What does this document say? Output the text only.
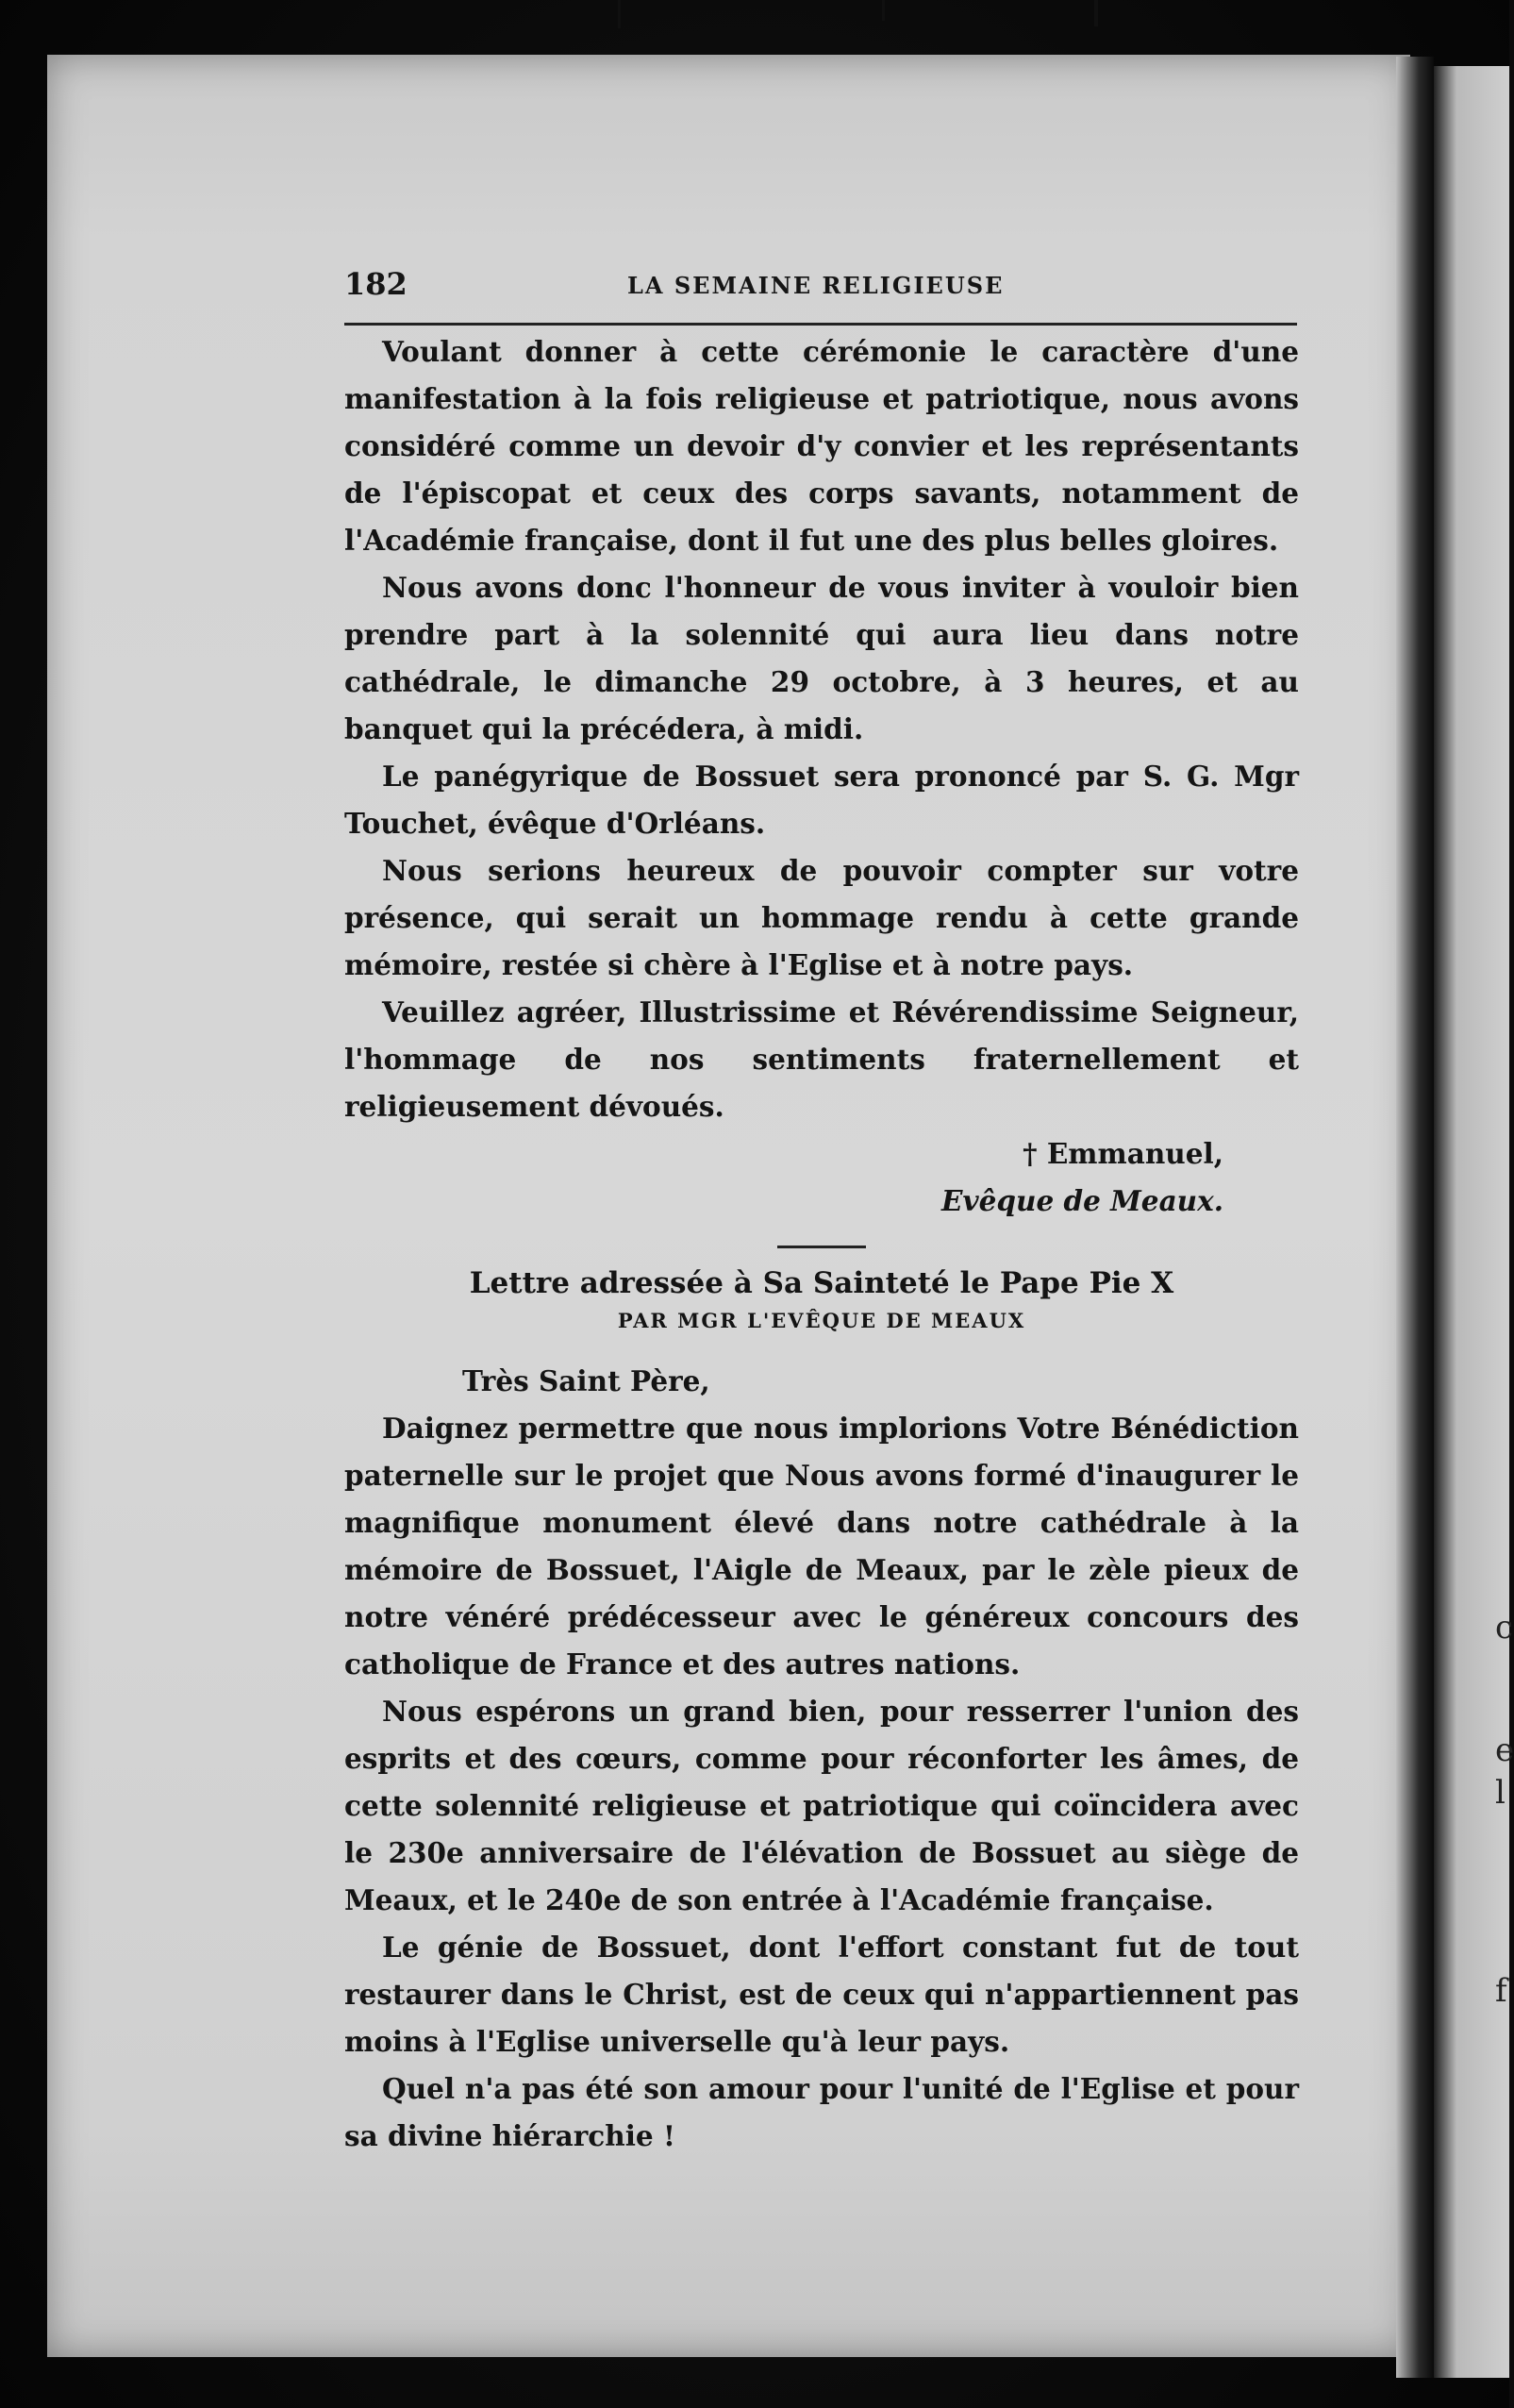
c
e
l
f
182	LA SEMAINE RELIGIEUSE

Voulant donner à cette cérémonie le caractère d'une manifestation à la fois religieuse et patriotique, nous avons considéré comme un devoir d'y convier et les représentants de l'épiscopat et ceux des corps savants, notamment de l'Académie française, dont il fut une des plus belles gloires.

Nous avons donc l'honneur de vous inviter à vouloir bien prendre part à la solennité qui aura lieu dans notre cathédrale, le dimanche 29 octobre, à 3 heures, et au banquet qui la précédera, à midi.

Le panégyrique de Bossuet sera prononcé par S. G. Mgr Touchet, évêque d'Orléans.

Nous serions heureux de pouvoir compter sur votre présence, qui serait un hommage rendu à cette grande mémoire, restée si chère à l'Eglise et à notre pays.

Veuillez agréer, Illustrissime et Révérendissime Seigneur, l'hommage de nos sentiments fraternellement et religieusement dévoués.

† Emmanuel,

Evêque de Meaux.

Lettre adressée à Sa Sainteté le Pape Pie X

PAR MGR L'EVÊQUE DE MEAUX

Très Saint Père,

Daignez permettre que nous implorions Votre Bénédiction paternelle sur le projet que Nous avons formé d'inaugurer le magnifique monument élevé dans notre cathédrale à la mémoire de Bossuet, l'Aigle de Meaux, par le zèle pieux de notre vénéré prédécesseur avec le généreux concours des catholique de France et des autres nations.

Nous espérons un grand bien, pour resserrer l'union des esprits et des cœurs, comme pour réconforter les âmes, de cette solennité religieuse et patriotique qui coïncidera avec le 230e anniversaire de l'élévation de Bossuet au siège de Meaux, et le 240e de son entrée à l'Académie française.

Le génie de Bossuet, dont l'effort constant fut de tout restaurer dans le Christ, est de ceux qui n'appartiennent pas moins à l'Eglise universelle qu'à leur pays.

Quel n'a pas été son amour pour l'unité de l'Eglise et pour sa divine hiérarchie !
